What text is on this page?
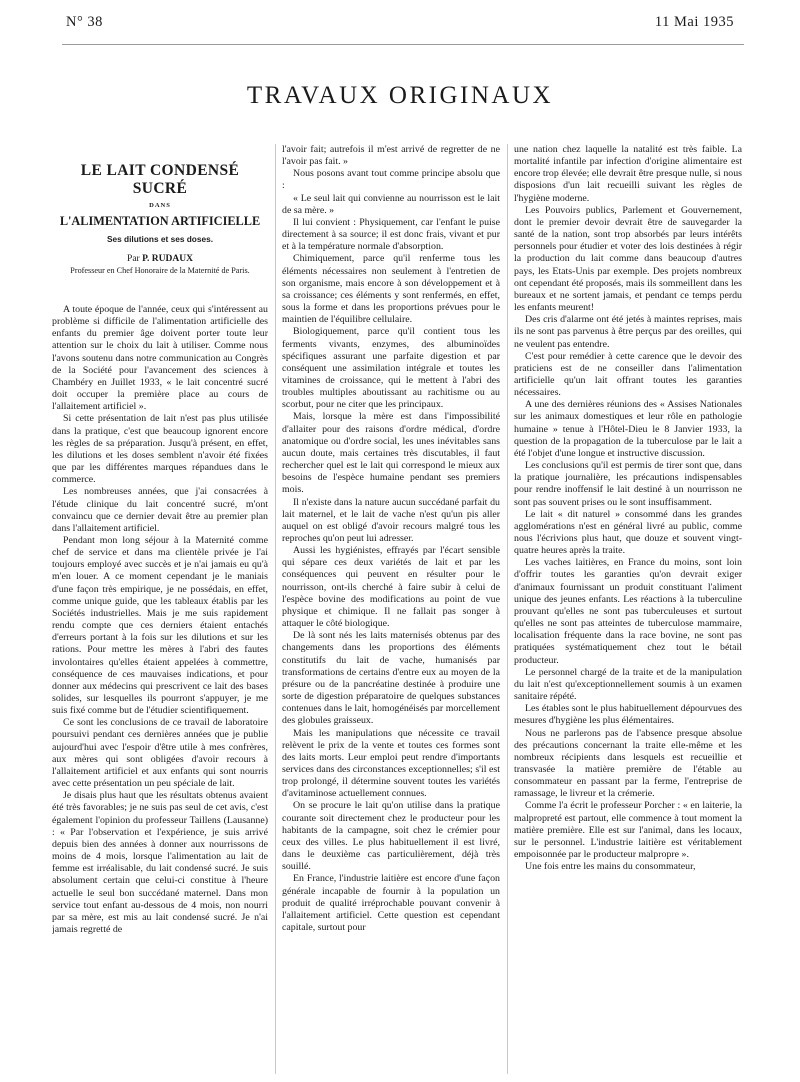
N° 38	11 Mai 1935
TRAVAUX ORIGINAUX
LE LAIT CONDENSÉ SUCRÉ
DANS
L'ALIMENTATION ARTIFICIELLE
Ses dilutions et ses doses.
Par P. RUDAUX
Professeur en Chef Honoraire de la Maternité de Paris.

A toute époque de l'année, ceux qui s'intéressent au problème si difficile de l'alimentation artificielle des enfants du premier âge doivent porter toute leur attention sur le choix du lait à utiliser. Comme nous l'avons soutenu dans notre communication au Congrès de la Société pour l'avancement des sciences à Chambéry en Juillet 1933, « le lait concentré sucré doit occuper la première place au cours de l'allaitement artificiel ».

Si cette présentation de lait n'est pas plus utilisée dans la pratique, c'est que beaucoup ignorent encore les règles de sa préparation. Jusqu'à présent, en effet, les dilutions et les doses semblent n'avoir été fixées que par les différentes marques répandues dans le commerce.

Les nombreuses années, que j'ai consacrées à l'étude clinique du lait concentré sucré, m'ont convaincu que ce dernier devait être au premier plan dans l'allaitement artificiel.

Pendant mon long séjour à la Maternité comme chef de service et dans ma clientèle privée je l'ai toujours employé avec succès et je n'ai jamais eu qu'à m'en louer. A ce moment cependant je le maniais d'une façon très empirique, je ne possédais, en effet, comme unique guide, que les tableaux établis par les Sociétés industrielles. Mais je me suis rapidement rendu compte que ces derniers étaient entachés d'erreurs portant à la fois sur les dilutions et sur les rations. Pour mettre les mères à l'abri des fautes involontaires qu'elles étaient appelées à commettre, conséquence de ces mauvaises indications, et pour donner aux médecins qui prescrivent ce lait des bases solides, sur lesquelles ils pourront s'appuyer, je me suis fixé comme but de l'étudier scientifiquement.

Ce sont les conclusions de ce travail de laboratoire poursuivi pendant ces dernières années que je publie aujourd'hui avec l'espoir d'être utile à mes confrères, aux mères qui sont obligées d'avoir recours à l'allaitement artificiel et aux enfants qui sont nourris avec cette présentation un peu spéciale de lait.

Je disais plus haut que les résultats obtenus avaient été très favorables; je ne suis pas seul de cet avis, c'est également l'opinion du professeur Taillens (Lausanne) : « Par l'observation et l'expérience, je suis arrivé depuis bien des années à donner aux nourrissons de moins de 4 mois, lorsque l'alimentation au lait de femme est irréalisable, du lait condensé sucré. Je suis absolument certain que celui-ci constitue à l'heure actuelle le seul bon succédané maternel. Dans mon service tout enfant au-dessous de 4 mois, non nourri par sa mère, est mis au lait condensé sucré. Je n'ai jamais regretté de

l'avoir fait; autrefois il m'est arrivé de regretter de ne l'avoir pas fait. »

Nous posons avant tout comme principe absolu que :

« Le seul lait qui convienne au nourrisson est le lait de sa mère. »

Il lui convient : Physiquement, car l'enfant le puise directement à sa source; il est donc frais, vivant et pur et à la température normale d'absorption.

Chimiquement, parce qu'il renferme tous les éléments nécessaires non seulement à l'entretien de son organisme, mais encore à son développement et à sa croissance; ces éléments y sont renfermés, en effet, sous la forme et dans les proportions prévues pour le maintien de l'équilibre cellulaire.

Biologiquement, parce qu'il contient tous les ferments vivants, enzymes, des albuminoïdes spécifiques assurant une parfaite digestion et par conséquent une assimilation intégrale et toutes les vitamines de croissance, qui le mettent à l'abri des troubles multiples aboutissant au rachitisme ou au scorbut, pour ne citer que les principaux.

Mais, lorsque la mère est dans l'impossibilité d'allaiter pour des raisons d'ordre médical, d'ordre anatomique ou d'ordre social, les unes inévitables sans aucun doute, mais certaines très discutables, il faut rechercher quel est le lait qui correspond le mieux aux besoins de l'espèce humaine pendant ses premiers mois.

Il n'existe dans la nature aucun succédané parfait du lait maternel, et le lait de vache n'est qu'un pis aller auquel on est obligé d'avoir recours malgré tous les reproches qu'on peut lui adresser.

Aussi les hygiénistes, effrayés par l'écart sensible qui sépare ces deux variétés de lait et par les conséquences qui peuvent en résulter pour le nourrisson, ont-ils cherché à faire subir à celui de l'espèce bovine des modifications au point de vue physique et chimique. Il ne fallait pas songer à attaquer le côté biologique.

De là sont nés les laits maternisés obtenus par des changements dans les proportions des éléments constitutifs du lait de vache, humanisés par transformations de certains d'entre eux au moyen de la présure ou de la pancréatine destinée à produire une sorte de digestion préparatoire de quelques substances contenues dans le lait, homogénéisés par morcellement des globules graisseux.

Mais les manipulations que nécessite ce travail relèvent le prix de la vente et toutes ces formes sont des laits morts. Leur emploi peut rendre d'importants services dans des circonstances exceptionnelles; s'il est trop prolongé, il détermine souvent toutes les variétés d'avitaminose actuellement connues.

On se procure le lait qu'on utilise dans la pratique courante soit directement chez le producteur pour les habitants de la campagne, soit chez le crémier pour ceux des villes. Le plus habituellement il est livré, dans le deuxième cas particulièrement, déjà très souillé.

En France, l'industrie laitière est encore d'une façon générale incapable de fournir à la population un produit de qualité irréprochable pouvant convenir à l'allaitement artificiel. Cette question est cependant capitale, surtout pour

une nation chez laquelle la natalité est très faible. La mortalité infantile par infection d'origine alimentaire est encore trop élevée; elle devrait être presque nulle, si nous disposions d'un lait recueilli suivant les règles de l'hygiène moderne.

Les Pouvoirs publics, Parlement et Gouvernement, dont le premier devoir devrait être de sauvegarder la santé de la nation, sont trop absorbés par leurs intérêts personnels pour étudier et voter des lois destinées à régir la production du lait comme dans beaucoup d'autres pays, les Etats-Unis par exemple. Des projets nombreux ont cependant été proposés, mais ils sommeillent dans les bureaux et ne sortent jamais, et pendant ce temps perdu les enfants meurent!

Des cris d'alarme ont été jetés à maintes reprises, mais ils ne sont pas parvenus à être perçus par des oreilles, qui ne veulent pas entendre.

C'est pour remédier à cette carence que le devoir des praticiens est de ne conseiller dans l'alimentation artificielle qu'un lait offrant toutes les garanties nécessaires.

A une des dernières réunions des « Assises Nationales sur les animaux domestiques et leur rôle en pathologie humaine » tenue à l'Hôtel-Dieu le 8 Janvier 1933, la question de la propagation de la tuberculose par le lait a été l'objet d'une longue et instructive discussion.

Les conclusions qu'il est permis de tirer sont que, dans la pratique journalière, les précautions indispensables pour rendre inoffensif le lait destiné à un nourrisson ne sont pas souvent prises ou le sont insuffisamment.

Le lait « dit naturel » consommé dans les grandes agglomérations n'est en général livré au public, comme nous l'écrivions plus haut, que douze et souvent vingt-quatre heures après la traite.

Les vaches laitières, en France du moins, sont loin d'offrir toutes les garanties qu'on devrait exiger d'animaux fournissant un produit constituant l'aliment unique des jeunes enfants. Les réactions à la tuberculine prouvant qu'elles ne sont pas tuberculeuses et surtout qu'elles ne sont pas atteintes de tuberculose mammaire, localisation fréquente dans la race bovine, ne sont pas pratiquées systématiquement chez tout le bétail producteur.

Le personnel chargé de la traite et de la manipulation du lait n'est qu'exceptionnellement soumis à un examen sanitaire répété.

Les étables sont le plus habituellement dépourvues des mesures d'hygiène les plus élémentaires.

Nous ne parlerons pas de l'absence presque absolue des précautions concernant la traite elle-même et les nombreux récipients dans lesquels est recueillie et transvasée la matière première de l'étable au consommateur en passant par la ferme, l'entreprise de ramassage, le livreur et la crémerie.

Comme l'a écrit le professeur Porcher : « en laiterie, la malpropreté est partout, elle commence à tout moment la matière première. Elle est sur l'animal, dans les locaux, sur le personnel. L'industrie laitière est véritablement empoisonnée par le producteur malpropre ».

Une fois entre les mains du consommateur,
